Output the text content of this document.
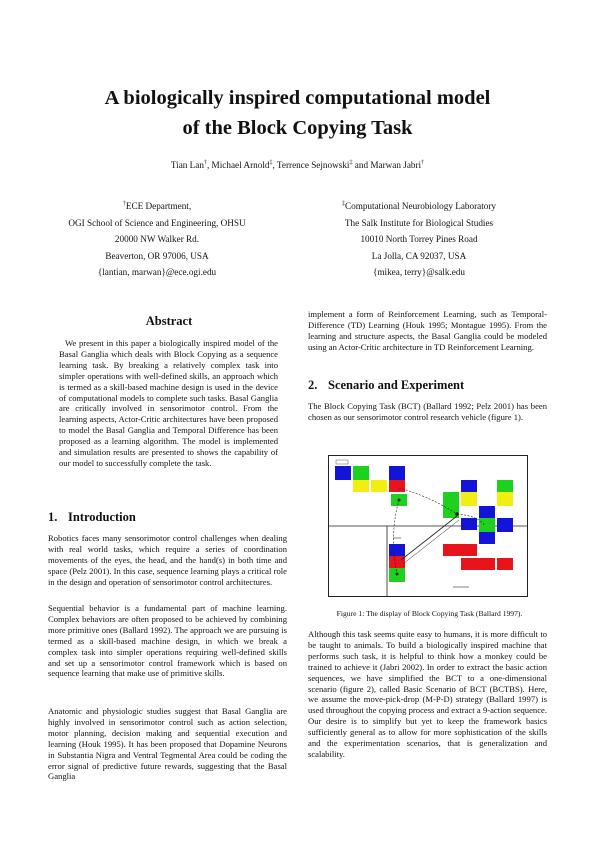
A biologically inspired computational model
of the Block Copying Task
Tian Lan†, Michael Arnold‡, Terrence Sejnowski‡ and Marwan Jabri†
†ECE Department,
OGI School of Science and Engineering, OHSU
20000 NW Walker Rd.
Beaverton, OR 97006, USA
{lantian, marwan}@ece.ogi.edu
‡Computational Neurobiology Laboratory
The Salk Institute for Biological Studies
10010 North Torrey Pines Road
La Jolla, CA 92037, USA
{mikea, terry}@salk.edu
Abstract
We present in this paper a biologically inspired model of the Basal Ganglia which deals with Block Copying as a sequence learning task. By breaking a relatively complex task into simpler operations with well-defined skills, an approach which is termed as a skill-based machine design is used in the device of computational models to complete such tasks. Basal Ganglia are critically involved in sensorimotor control. From the learning aspects, Actor-Critic architectures have been proposed to model the Basal Ganglia and Temporal Difference has been proposed as a learning algorithm. The model is implemented and simulation results are presented to shows the capability of our model to successfully complete the task.
1. Introduction
Robotics faces many sensorimotor control challenges when dealing with real world tasks, which require a series of coordination movements of the eyes, the head, and the hand(s) in both time and space (Pelz 2001). In this case, sequence learning plays a critical role in the design and operation of sensorimotor control architectures.
Sequential behavior is a fundamental part of machine learning. Complex behaviors are often proposed to be achieved by combining more primitive ones (Ballard 1992). The approach we are pursuing is termed as a skill-based machine design, in which we break a complex task into simpler operations requiring well-defined skills and set up a sensorimotor control framework which is based on sequence learning that make use of primitive skills.
Anatomic and physiologic studies suggest that Basal Ganglia are highly involved in sensorimotor control such as action selection, motor planning, decision making and sequential execution and learning (Houk 1995). It has been proposed that Dopamine Neurons in Substantia Nigra and Ventral Tegmental Area could be coding the error signal of predictive future rewards, suggesting that the Basal Ganglia
implement a form of Reinforcement Learning, such as Temporal-Difference (TD) Learning (Houk 1995; Montague 1995). From the learning and structure aspects, the Basal Ganglia could be modeled using an Actor-Critic architecture in TD Reinforcement Learning.
2. Scenario and Experiment
The Block Copying Task (BCT) (Ballard 1992; Pelz 2001) has been chosen as our sensorimotor control research vehicle (figure 1).
Figure 1: The display of Block Copying Task (Ballard 1997).
Although this task seems quite easy to humans, it is more difficult to be taught to animals. To build a biologically inspired machine that performs such task, it is helpful to think how a monkey could be trained to achieve it (Jabri 2002). In order to extract the basic action sequences, we have simplified the BCT to a one-dimensional scenario (figure 2), called Basic Scenario of BCT (BCTBS). Here, we assume the move-pick-drop (M-P-D) strategy (Ballard 1997) is used throughout the copying process and extract a 9-action sequence. Our desire is to simplify but yet to keep the framework basics sufficiently general as to allow for more sophistication of the skills and the experimentation scenarios, that is generalization and scalability.
